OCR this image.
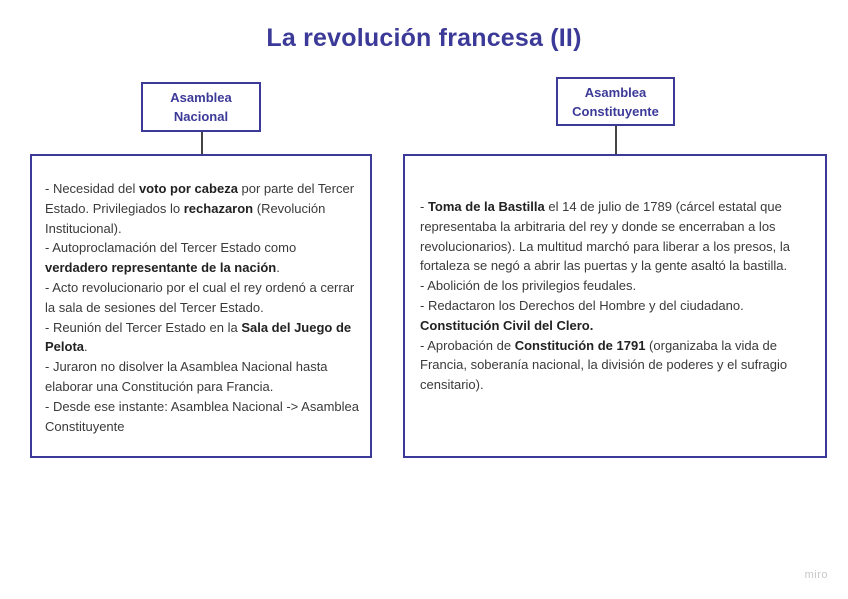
La revolución francesa (II)
Asamblea
Nacional

- Necesidad del voto por cabeza por parte del Tercer Estado. Privilegiados lo rechazaron (Revolución Institucional).

- Autoproclamación del Tercer Estado como verdadero representante de la nación.

- Acto revolucionario por el cual el rey ordenó a cerrar la sala de sesiones del Tercer Estado.

- Reunión del Tercer Estado en la Sala del Juego de Pelota.

- Juraron no disolver la Asamblea Nacional hasta elaborar una Constitución para Francia.

- Desde ese instante: Asamblea Nacional -> Asamblea Constituyente

Asamblea
Constituyente

- Toma de la Bastilla el 14 de julio de 1789 (cárcel estatal que representaba la arbitraria del rey y donde se encerraban a los revolucionarios). La multitud marchó para liberar a los presos, la fortaleza se negó a abrir las puertas y la gente asaltó la bastilla.

- Abolición de los privilegios feudales.

- Redactaron los Derechos del Hombre y del ciudadano. Constitución Civil del Clero.

- Aprobación de Constitución de 1791 (organizaba la vida de Francia, soberanía nacional, la división de poderes y el sufragio censitario).

miro
